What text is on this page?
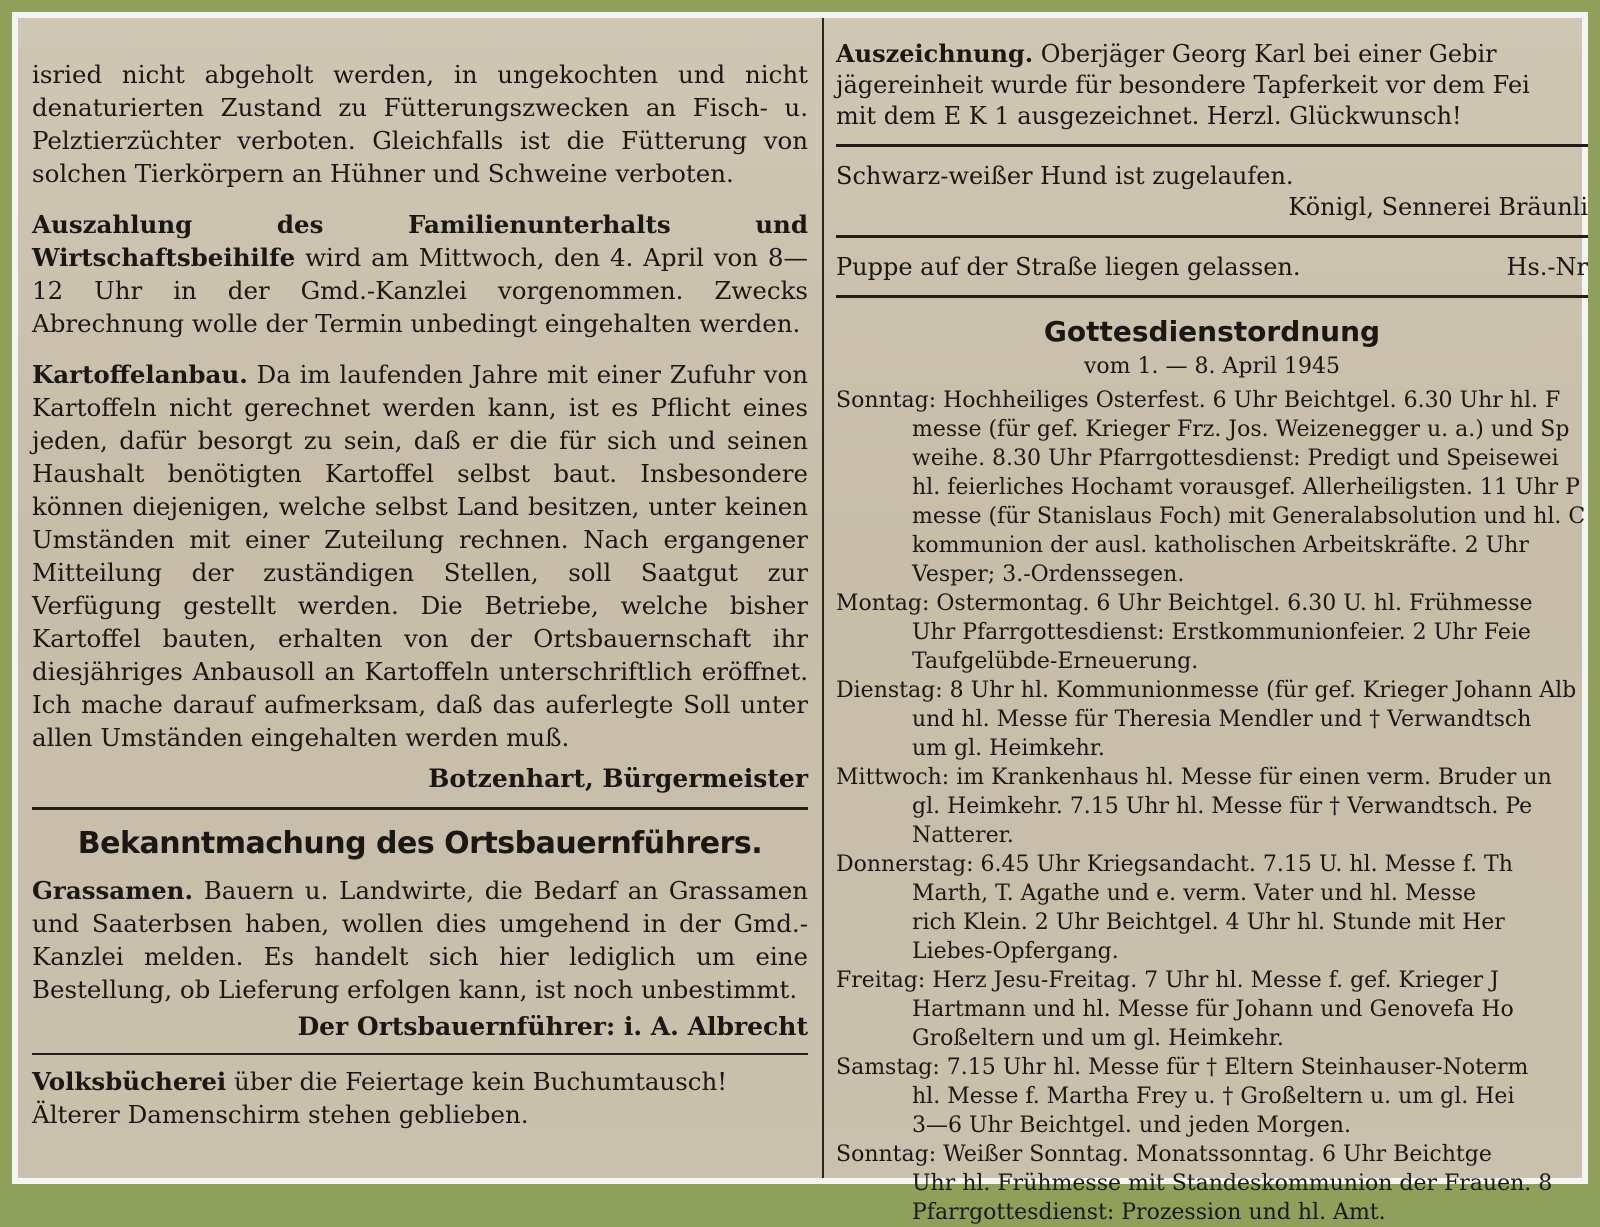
isried nicht abgeholt werden, in ungekochten und nicht denaturierten Zustand zu Fütterungszwecken an Fisch- u. Pelztierzüchter verboten. Gleichfalls ist die Fütterung von solchen Tierkörpern an Hühner und Schweine verboten.

Auszahlung des Familienunterhalts und Wirtschaftsbeihilfe wird am Mittwoch, den 4. April von 8—12 Uhr in der Gmd.-Kanzlei vorgenommen. Zwecks Abrechnung wolle der Termin unbedingt eingehalten werden.

Kartoffelanbau. Da im laufenden Jahre mit einer Zufuhr von Kartoffeln nicht gerechnet werden kann, ist es Pflicht eines jeden, dafür besorgt zu sein, daß er die für sich und seinen Haushalt benötigten Kartoffel selbst baut. Insbesondere können diejenigen, welche selbst Land besitzen, unter keinen Umständen mit einer Zuteilung rechnen. Nach ergangener Mitteilung der zuständigen Stellen, soll Saatgut zur Verfügung gestellt werden. Die Betriebe, welche bisher Kartoffel bauten, erhalten von der Ortsbauernschaft ihr diesjähriges Anbausoll an Kartoffeln unterschriftlich eröffnet. Ich mache darauf aufmerksam, daß das auferlegte Soll unter allen Umständen eingehalten werden muß.

Botzenhart, Bürgermeister

Bekanntmachung des Ortsbauernführers.

Grassamen. Bauern u. Landwirte, die Bedarf an Grassamen und Saaterbsen haben, wollen dies umgehend in der Gmd.-Kanzlei melden. Es handelt sich hier lediglich um eine Bestellung, ob Lieferung erfolgen kann, ist noch unbestimmt.

Der Ortsbauernführer: i. A. Albrecht

Volksbücherei über die Feiertage kein Buchumtausch!

Älterer Damenschirm stehen geblieben.

Auszeichnung. Oberjäger Georg Karl bei einer Gebir
jägereinheit wurde für besondere Tapferkeit vor dem Fei
mit dem E K 1 ausgezeichnet. Herzl. Glückwunsch!
Schwarz-weißer Hund ist zugelaufen.
Königl, Sennerei Bräunli
Puppe auf der Straße liegen gelassen.	Hs.-Nr
Gottesdienstordnung

vom 1. — 8. April 1945

Sonntag: Hochheiliges Osterfest. 6 Uhr Beichtgel. 6.30 Uhr hl. F
messe (für gef. Krieger Frz. Jos. Weizenegger u. a.) und Sp
weihe. 8.30 Uhr Pfarrgottesdienst: Predigt und Speisewei
hl. feierliches Hochamt vorausgef. Allerheiligsten. 11 Uhr P
messe (für Stanislaus Foch) mit Generalabsolution und hl. C
kommunion der ausl. katholischen Arbeitskräfte. 2 Uhr
Vesper; 3.-Ordenssegen.
Montag: Ostermontag. 6 Uhr Beichtgel. 6.30 U. hl. Frühmesse
Uhr Pfarrgottesdienst: Erstkommunionfeier. 2 Uhr Feie
Taufgelübde-Erneuerung.
Dienstag: 8 Uhr hl. Kommunionmesse (für gef. Krieger Johann Alb
und hl. Messe für Theresia Mendler und † Verwandtsch
um gl. Heimkehr.
Mittwoch: im Krankenhaus hl. Messe für einen verm. Bruder un
gl. Heimkehr. 7.15 Uhr hl. Messe für † Verwandtsch. Pe
Natterer.
Donnerstag: 6.45 Uhr Kriegsandacht. 7.15 U. hl. Messe f. Th
Marth, T. Agathe und e. verm. Vater und hl. Messe
rich Klein. 2 Uhr Beichtgel. 4 Uhr hl. Stunde mit Her
Liebes-Opfergang.
Freitag: Herz Jesu-Freitag. 7 Uhr hl. Messe f. gef. Krieger J
Hartmann und hl. Messe für Johann und Genovefa Ho
Großeltern und um gl. Heimkehr.
Samstag: 7.15 Uhr hl. Messe für † Eltern Steinhauser-Noterm
hl. Messe f. Martha Frey u. † Großeltern u. um gl. Hei
3—6 Uhr Beichtgel. und jeden Morgen.
Sonntag: Weißer Sonntag. Monatssonntag. 6 Uhr Beichtge
Uhr hl. Frühmesse mit Standeskommunion der Frauen. 8
Pfarrgottesdienst: Prozession und hl. Amt.
